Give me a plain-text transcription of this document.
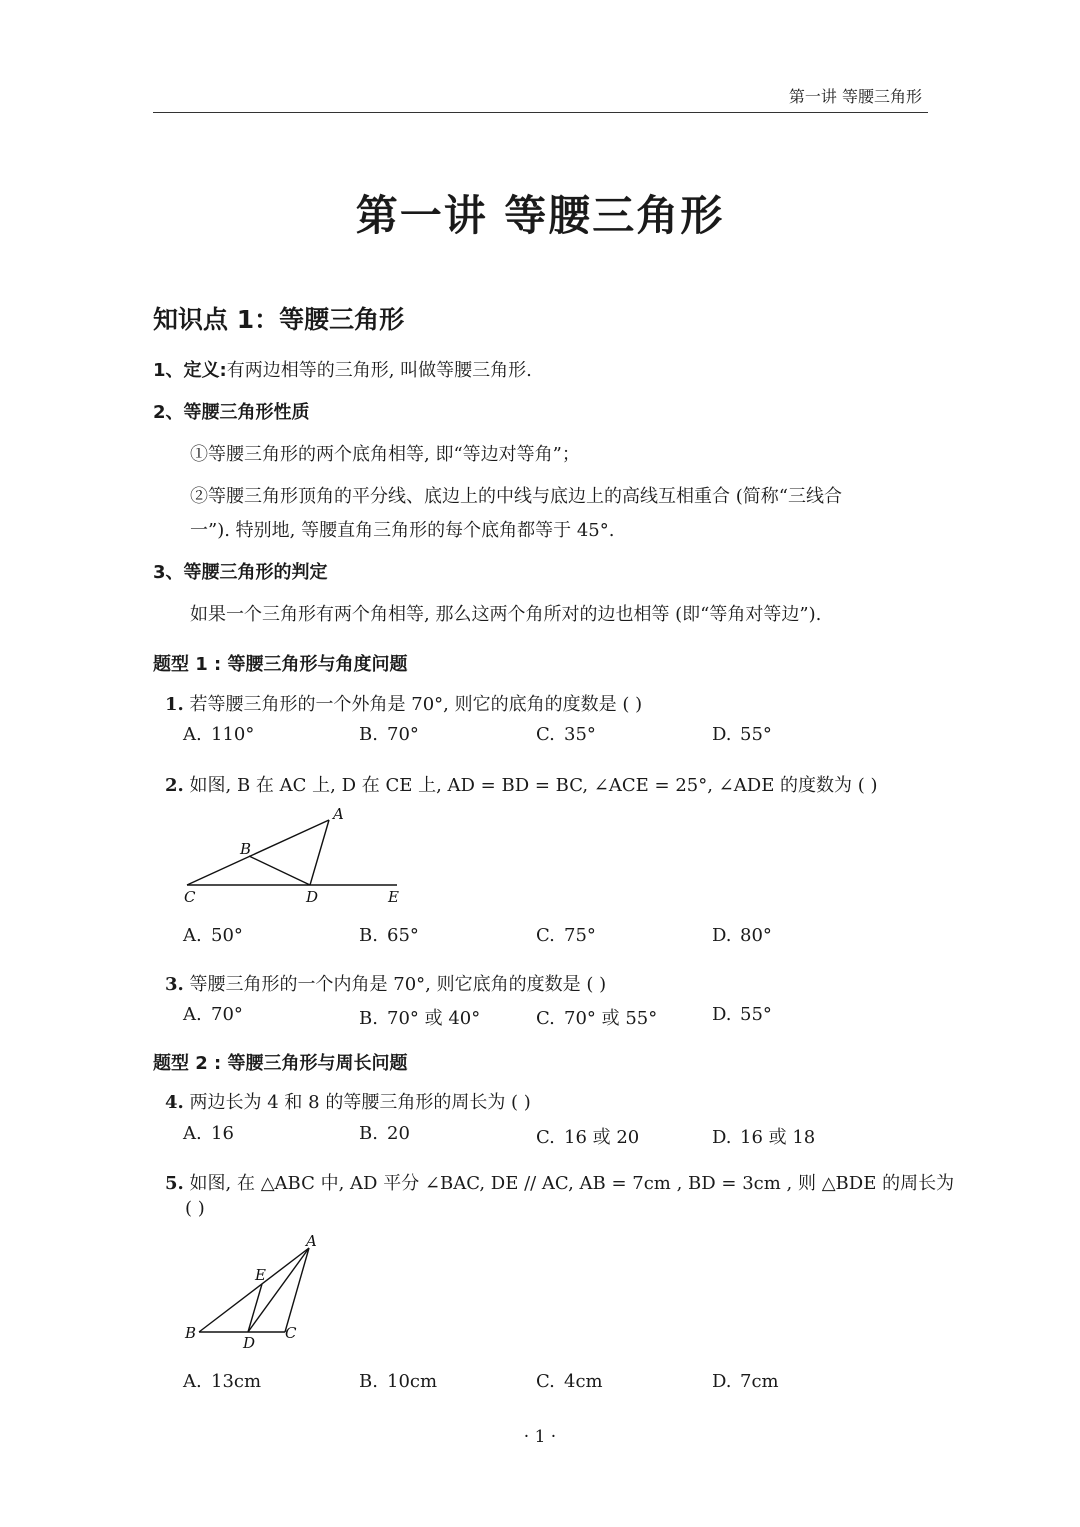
第一讲 等腰三角形
第一讲 等腰三角形
知识点 1：等腰三角形
1、定义:有两边相等的三角形, 叫做等腰三角形.
2、等腰三角形性质
①等腰三角形的两个底角相等, 即“等边对等角”；
②等腰三角形顶角的平分线、底边上的中线与底边上的高线互相重合 (简称“三线合
一”). 特别地, 等腰直角三角形的每个底角都等于 45°.
3、等腰三角形的判定
如果一个三角形有两个角相等, 那么这两个角所对的边也相等 (即“等角对等边”).
题型 1 : 等腰三角形与角度问题
1. 若等腰三角形的一个外角是 70°, 则它的底角的度数是 ( )
A. 110°	B. 70°	C. 35°	D. 55°
2. 如图, B 在 AC 上, D 在 CE 上, AD = BD = BC, ∠ACE = 25°, ∠ADE 的度数为 ( )
A
B
C	D	E
A. 50°	B. 65°	C. 75°	D. 80°
3. 等腰三角形的一个内角是 70°, 则它底角的度数是 ( )
A. 70°	B. 70° 或 40°	C. 70° 或 55°	D. 55°
题型 2 : 等腰三角形与周长问题
4. 两边长为 4 和 8 的等腰三角形的周长为 ( )
A. 16	B. 20	C. 16 或 20	D. 16 或 18
5. 如图, 在 △ABC 中, AD 平分 ∠BAC, DE // AC, AB = 7cm , BD = 3cm , 则 △BDE 的周长为
( )
A
B	C
D
E
A. 13cm	B. 10cm	C. 4cm	D. 7cm
· 1 ·
